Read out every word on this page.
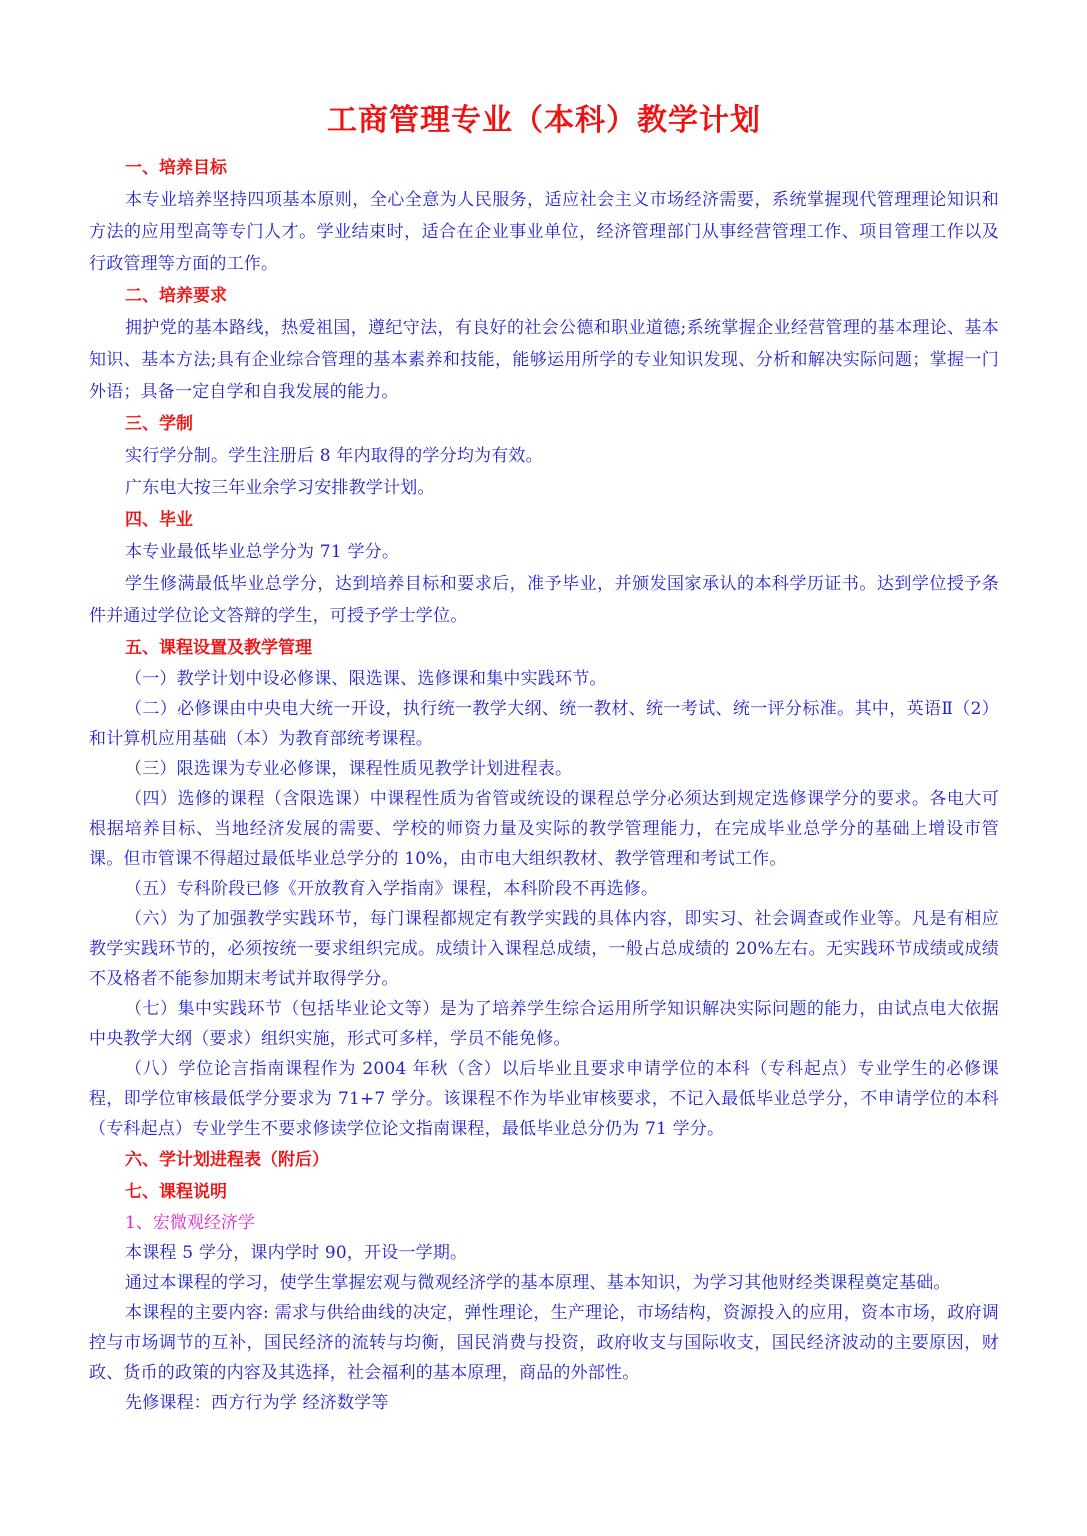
工商管理专业（本科）教学计划

一、培养目标

本专业培养坚持四项基本原则，全心全意为人民服务，适应社会主义市场经济需要，系统掌握现代管理理论知识和方法的应用型高等专门人才。学业结束时，适合在企业事业单位，经济管理部门从事经营管理工作、项目管理工作以及行政管理等方面的工作。

二、培养要求

拥护党的基本路线，热爱祖国，遵纪守法，有良好的社会公德和职业道德;系统掌握企业经营管理的基本理论、基本知识、基本方法;具有企业综合管理的基本素养和技能，能够运用所学的专业知识发现、分析和解决实际问题；掌握一门外语；具备一定自学和自我发展的能力。

三、学制

实行学分制。学生注册后 8 年内取得的学分均为有效。

广东电大按三年业余学习安排教学计划。

四、毕业

本专业最低毕业总学分为 71 学分。

学生修满最低毕业总学分，达到培养目标和要求后，准予毕业，并颁发国家承认的本科学历证书。达到学位授予条件并通过学位论文答辩的学生，可授予学士学位。

五、课程设置及教学管理

（一）教学计划中设必修课、限选课、选修课和集中实践环节。

（二）必修课由中央电大统一开设，执行统一教学大纲、统一教材、统一考试、统一评分标准。其中，英语Ⅱ（2）和计算机应用基础（本）为教育部统考课程。

（三）限选课为专业必修课，课程性质见教学计划进程表。

（四）选修的课程（含限选课）中课程性质为省管或统设的课程总学分必须达到规定选修课学分的要求。各电大可根据培养目标、当地经济发展的需要、学校的师资力量及实际的教学管理能力，在完成毕业总学分的基础上增设市管课。但市管课不得超过最低毕业总学分的 10%，由市电大组织教材、教学管理和考试工作。

（五）专科阶段已修《开放教育入学指南》课程，本科阶段不再选修。

（六）为了加强教学实践环节，每门课程都规定有教学实践的具体内容，即实习、社会调查或作业等。凡是有相应教学实践环节的，必须按统一要求组织完成。成绩计入课程总成绩，一般占总成绩的 20%左右。无实践环节成绩或成绩不及格者不能参加期末考试并取得学分。

（七）集中实践环节（包括毕业论文等）是为了培养学生综合运用所学知识解决实际问题的能力，由试点电大依据中央教学大纲（要求）组织实施，形式可多样，学员不能免修。

（八）学位论言指南课程作为 2004 年秋（含）以后毕业且要求申请学位的本科（专科起点）专业学生的必修课程，即学位审核最低学分要求为 71+7 学分。该课程不作为毕业审核要求，不记入最低毕业总学分，不申请学位的本科（专科起点）专业学生不要求修读学位论文指南课程，最低毕业总分仍为 71 学分。

六、学计划进程表（附后）

七、课程说明

1、宏微观经济学

本课程 5 学分，课内学时 90，开设一学期。

通过本课程的学习，使学生掌握宏观与微观经济学的基本原理、基本知识，为学习其他财经类课程奠定基础。

本课程的主要内容: 需求与供给曲线的决定，弹性理论，生产理论，市场结构，资源投入的应用，资本市场，政府调控与市场调节的互补，国民经济的流转与均衡，国民消费与投资，政府收支与国际收支，国民经济波动的主要原因，财政、货币的政策的内容及其选择，社会福利的基本原理，商品的外部性。

先修课程：西方行为学 经济数学等
